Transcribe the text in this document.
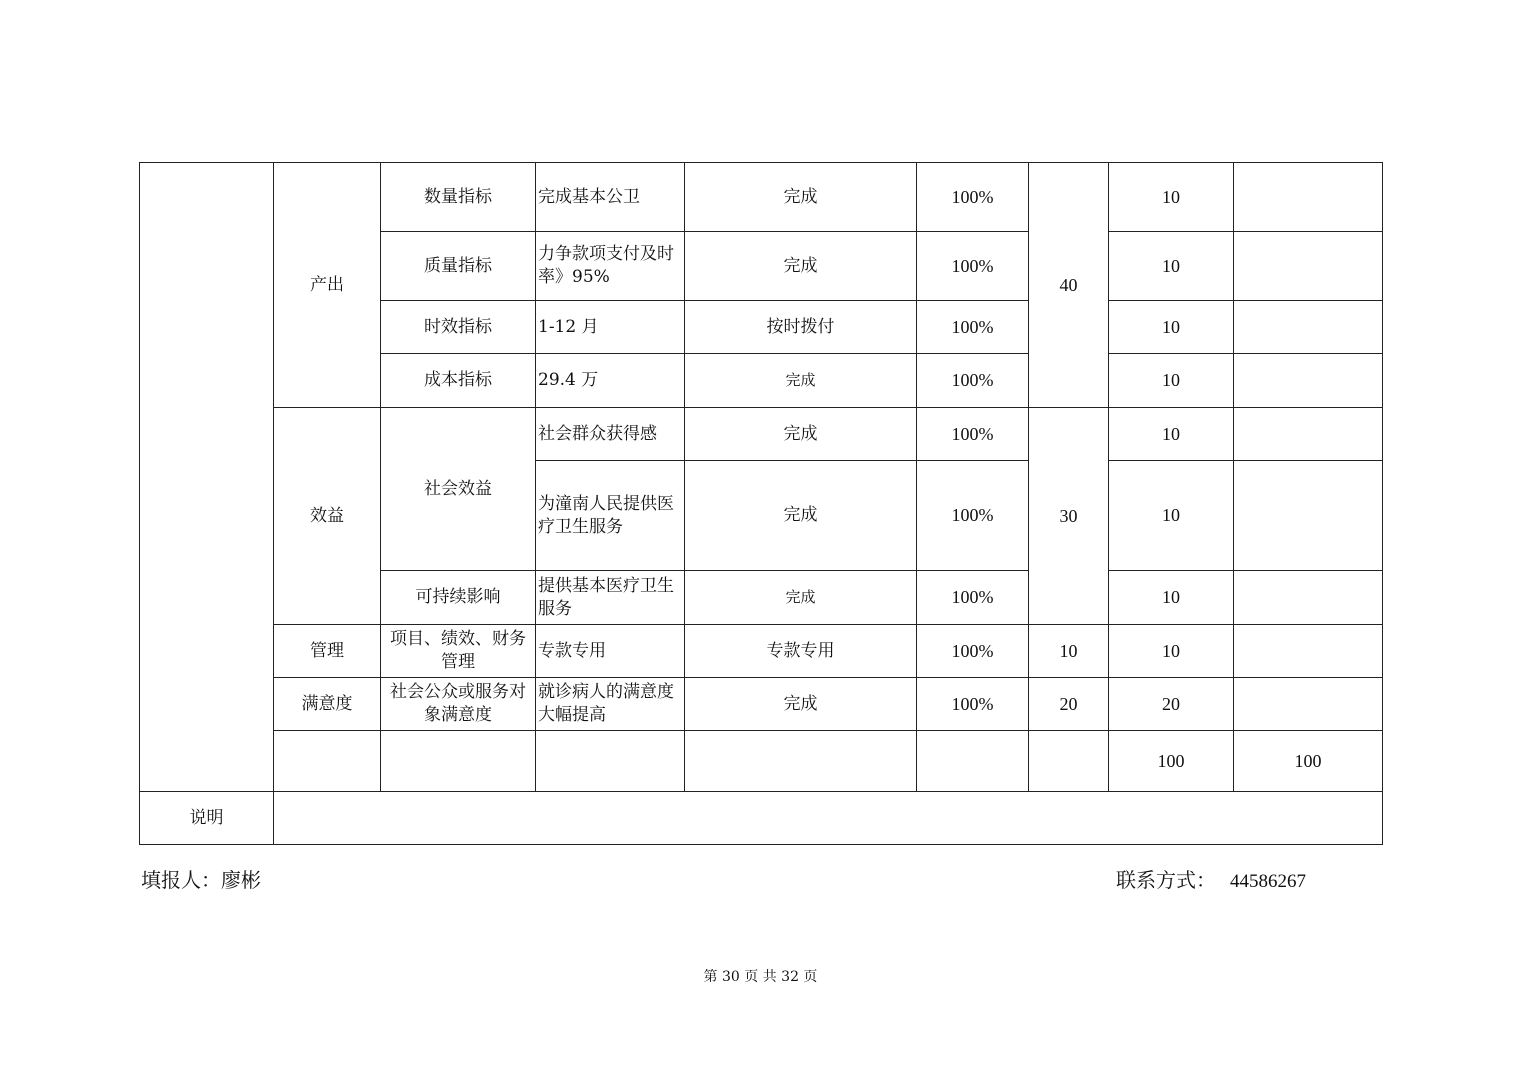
	产出	数量指标	完成基本公卫	完成	100%	40	10		
		质量指标	力争款项支付及时率》95%	完成	100%		10		
		时效指标	1-12 月	按时拨付	100%		10		
		成本指标	29.4 万	完成	100%		10		
	效益	社会效益	社会群众获得感	完成	100%	30	10		
			为潼南人民提供医疗卫生服务	完成	100%		10		
		可持续影响	提供基本医疗卫生服务	完成	100%		10		
	管理	项目、绩效、财务管理	专款专用	专款专用	100%	10	10		
	满意度	社会公众或服务对象满意度	就诊病人的满意度大幅提高	完成	100%	20	20		
							100	100	
说明									
填报人：廖彬	联系方式： 44586267
第 30 页 共 32 页
